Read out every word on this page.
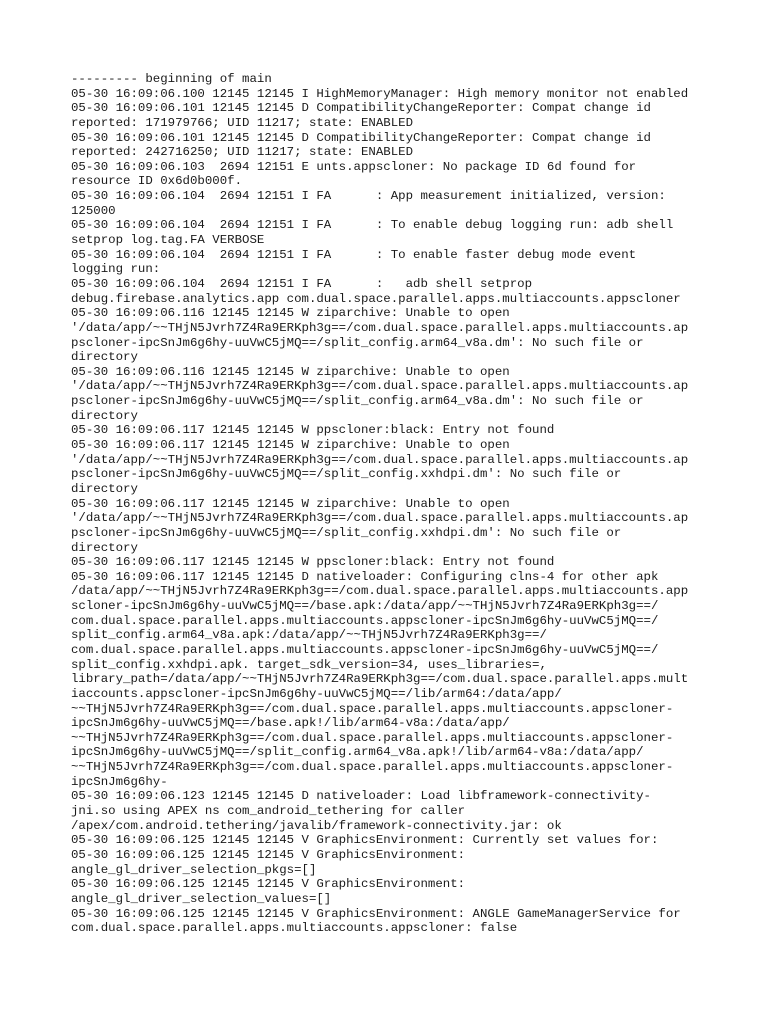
--------- beginning of main
05-30 16:09:06.100 12145 12145 I HighMemoryManager: High memory monitor not enabled
05-30 16:09:06.101 12145 12145 D CompatibilityChangeReporter: Compat change id
reported: 171979766; UID 11217; state: ENABLED
05-30 16:09:06.101 12145 12145 D CompatibilityChangeReporter: Compat change id
reported: 242716250; UID 11217; state: ENABLED
05-30 16:09:06.103  2694 12151 E unts.appscloner: No package ID 6d found for
resource ID 0x6d0b000f.
05-30 16:09:06.104  2694 12151 I FA      : App measurement initialized, version:
125000
05-30 16:09:06.104  2694 12151 I FA      : To enable debug logging run: adb shell
setprop log.tag.FA VERBOSE
05-30 16:09:06.104  2694 12151 I FA      : To enable faster debug mode event
logging run:
05-30 16:09:06.104  2694 12151 I FA      :   adb shell setprop
debug.firebase.analytics.app com.dual.space.parallel.apps.multiaccounts.appscloner
05-30 16:09:06.116 12145 12145 W ziparchive: Unable to open
'/data/app/~~THjN5Jvrh7Z4Ra9ERKph3g==/com.dual.space.parallel.apps.multiaccounts.ap
pscloner-ipcSnJm6g6hy-uuVwC5jMQ==/split_config.arm64_v8a.dm': No such file or
directory
05-30 16:09:06.116 12145 12145 W ziparchive: Unable to open
'/data/app/~~THjN5Jvrh7Z4Ra9ERKph3g==/com.dual.space.parallel.apps.multiaccounts.ap
pscloner-ipcSnJm6g6hy-uuVwC5jMQ==/split_config.arm64_v8a.dm': No such file or
directory
05-30 16:09:06.117 12145 12145 W ppscloner:black: Entry not found
05-30 16:09:06.117 12145 12145 W ziparchive: Unable to open
'/data/app/~~THjN5Jvrh7Z4Ra9ERKph3g==/com.dual.space.parallel.apps.multiaccounts.ap
pscloner-ipcSnJm6g6hy-uuVwC5jMQ==/split_config.xxhdpi.dm': No such file or
directory
05-30 16:09:06.117 12145 12145 W ziparchive: Unable to open
'/data/app/~~THjN5Jvrh7Z4Ra9ERKph3g==/com.dual.space.parallel.apps.multiaccounts.ap
pscloner-ipcSnJm6g6hy-uuVwC5jMQ==/split_config.xxhdpi.dm': No such file or
directory
05-30 16:09:06.117 12145 12145 W ppscloner:black: Entry not found
05-30 16:09:06.117 12145 12145 D nativeloader: Configuring clns-4 for other apk
/data/app/~~THjN5Jvrh7Z4Ra9ERKph3g==/com.dual.space.parallel.apps.multiaccounts.app
scloner-ipcSnJm6g6hy-uuVwC5jMQ==/base.apk:/data/app/~~THjN5Jvrh7Z4Ra9ERKph3g==/
com.dual.space.parallel.apps.multiaccounts.appscloner-ipcSnJm6g6hy-uuVwC5jMQ==/
split_config.arm64_v8a.apk:/data/app/~~THjN5Jvrh7Z4Ra9ERKph3g==/
com.dual.space.parallel.apps.multiaccounts.appscloner-ipcSnJm6g6hy-uuVwC5jMQ==/
split_config.xxhdpi.apk. target_sdk_version=34, uses_libraries=,
library_path=/data/app/~~THjN5Jvrh7Z4Ra9ERKph3g==/com.dual.space.parallel.apps.mult
iaccounts.appscloner-ipcSnJm6g6hy-uuVwC5jMQ==/lib/arm64:/data/app/
~~THjN5Jvrh7Z4Ra9ERKph3g==/com.dual.space.parallel.apps.multiaccounts.appscloner-
ipcSnJm6g6hy-uuVwC5jMQ==/base.apk!/lib/arm64-v8a:/data/app/
~~THjN5Jvrh7Z4Ra9ERKph3g==/com.dual.space.parallel.apps.multiaccounts.appscloner-
ipcSnJm6g6hy-uuVwC5jMQ==/split_config.arm64_v8a.apk!/lib/arm64-v8a:/data/app/
~~THjN5Jvrh7Z4Ra9ERKph3g==/com.dual.space.parallel.apps.multiaccounts.appscloner-
ipcSnJm6g6hy-
05-30 16:09:06.123 12145 12145 D nativeloader: Load libframework-connectivity-
jni.so using APEX ns com_android_tethering for caller
/apex/com.android.tethering/javalib/framework-connectivity.jar: ok
05-30 16:09:06.125 12145 12145 V GraphicsEnvironment: Currently set values for:
05-30 16:09:06.125 12145 12145 V GraphicsEnvironment:
angle_gl_driver_selection_pkgs=[]
05-30 16:09:06.125 12145 12145 V GraphicsEnvironment:
angle_gl_driver_selection_values=[]
05-30 16:09:06.125 12145 12145 V GraphicsEnvironment: ANGLE GameManagerService for
com.dual.space.parallel.apps.multiaccounts.appscloner: false
